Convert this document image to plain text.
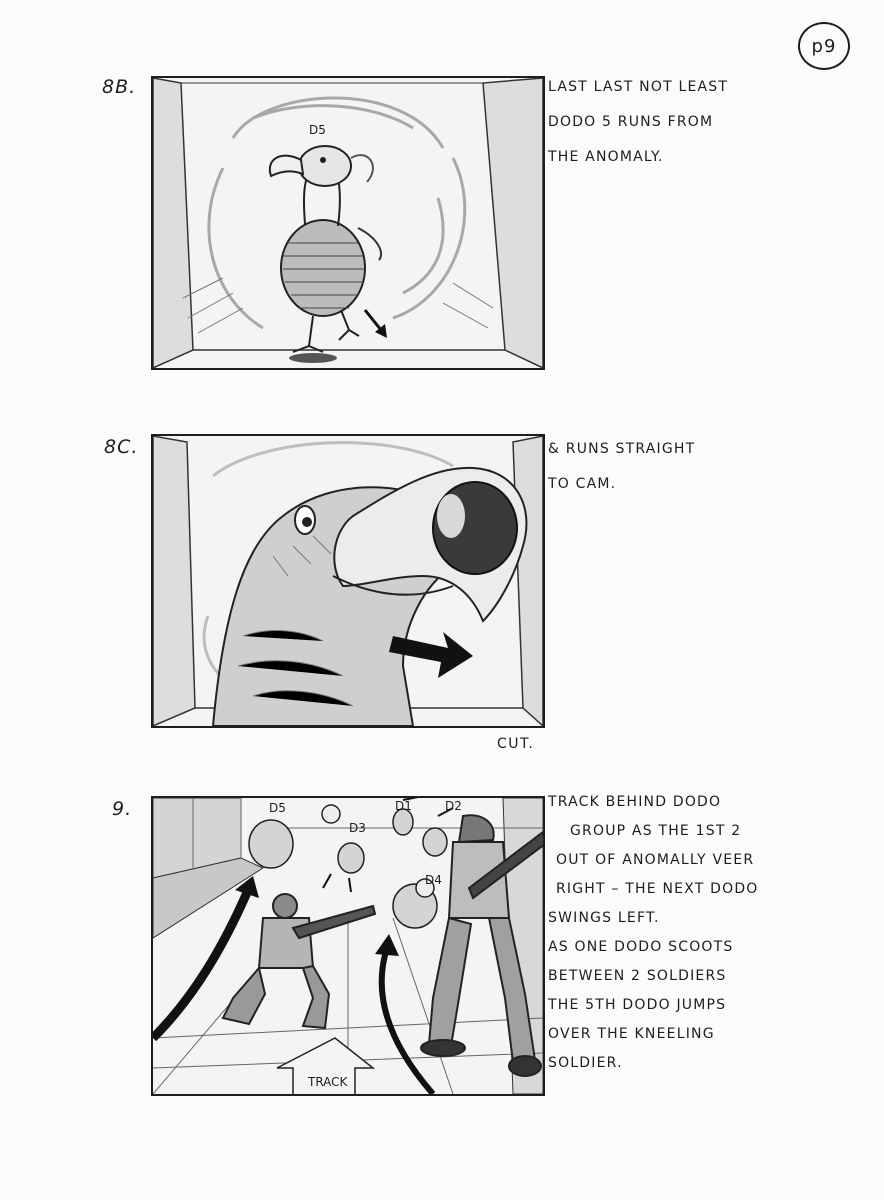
p9
8B.
D5
LAST LAST NOT LEAST
DODO 5 RUNS FROM
THE ANOMALY.
8C.	& RUNS STRAIGHT
TO CAM.
CUT.
9.
TRACK
D5
D3
D1	D2
D4
TRACK BEHIND DODO
GROUP AS THE 1ST 2
OUT OF ANOMALLY VEER
RIGHT – THE NEXT DODO
SWINGS LEFT.
AS ONE DODO SCOOTS
BETWEEN 2 SOLDIERS
THE 5TH DODO JUMPS
OVER THE KNEELING
SOLDIER.
